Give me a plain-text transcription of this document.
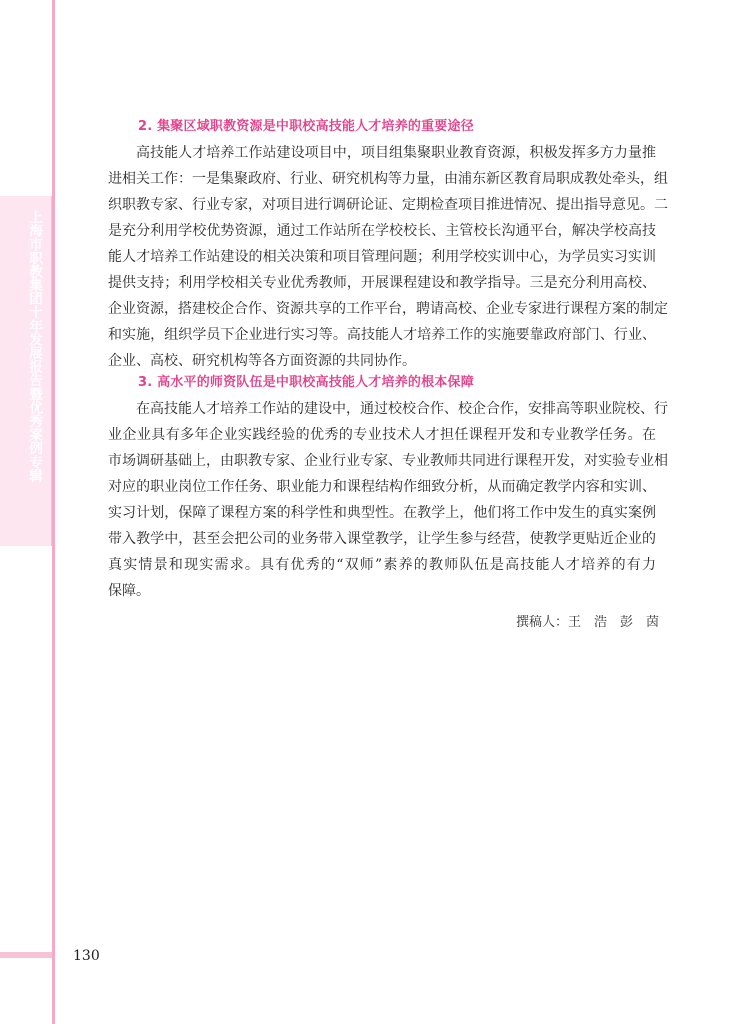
上海市职教集团十年发展报告暨优秀案例专辑
2. 集聚区域职教资源是中职校高技能人才培养的重要途径
高技能人才培养工作站建设项目中，项目组集聚职业教育资源，积极发挥多方力量推
进相关工作：一是集聚政府、行业、研究机构等力量，由浦东新区教育局职成教处牵头，组
织职教专家、行业专家，对项目进行调研论证、定期检查项目推进情况、提出指导意见。二
是充分利用学校优势资源，通过工作站所在学校校长、主管校长沟通平台，解决学校高技
能人才培养工作站建设的相关决策和项目管理问题；利用学校实训中心，为学员实习实训
提供支持；利用学校相关专业优秀教师，开展课程建设和教学指导。三是充分利用高校、
企业资源，搭建校企合作、资源共享的工作平台，聘请高校、企业专家进行课程方案的制定
和实施，组织学员下企业进行实习等。高技能人才培养工作的实施要靠政府部门、行业、
企业、高校、研究机构等各方面资源的共同协作。
3. 高水平的师资队伍是中职校高技能人才培养的根本保障
在高技能人才培养工作站的建设中，通过校校合作、校企合作，安排高等职业院校、行
业企业具有多年企业实践经验的优秀的专业技术人才担任课程开发和专业教学任务。在
市场调研基础上，由职教专家、企业行业专家、专业教师共同进行课程开发，对实验专业相
对应的职业岗位工作任务、职业能力和课程结构作细致分析，从而确定教学内容和实训、
实习计划，保障了课程方案的科学性和典型性。在教学上，他们将工作中发生的真实案例
带入教学中，甚至会把公司的业务带入课堂教学，让学生参与经营，使教学更贴近企业的
真实情景和现实需求。具有优秀的“双师”素养的教师队伍是高技能人才培养的有力
保障。
撰稿人：王　浩　彭　茵
130
